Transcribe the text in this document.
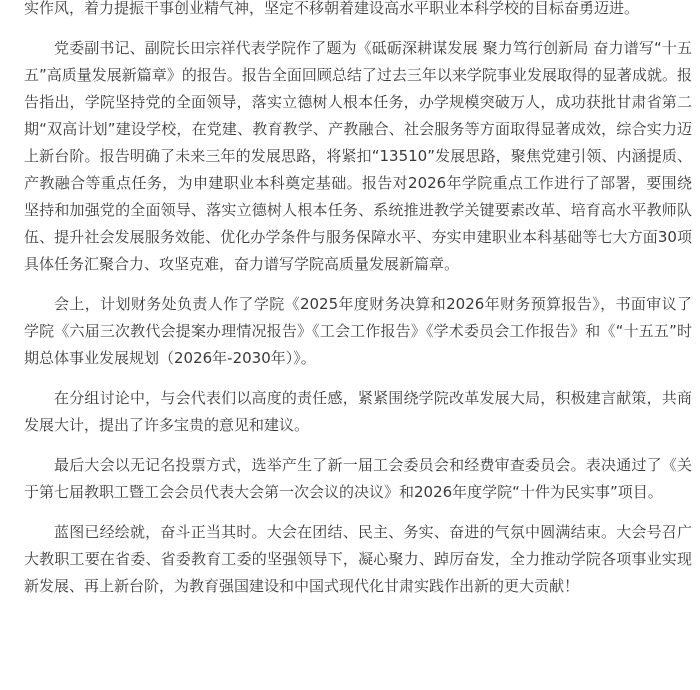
实作风，着力提振干事创业精气神，坚定不移朝着建设高水平职业本科学校的目标奋勇迈进。

党委副书记、副院长田宗祥代表学院作了题为《砥砺深耕谋发展 聚力笃行创新局 奋力谱写“十五五”高质量发展新篇章》的报告。报告全面回顾总结了过去三年以来学院事业发展取得的显著成就。报告指出，学院坚持党的全面领导，落实立德树人根本任务，办学规模突破万人，成功获批甘肃省第二期“双高计划”建设学校，在党建、教育教学、产教融合、社会服务等方面取得显著成效，综合实力迈上新台阶。报告明确了未来三年的发展思路，将紧扣“13510”发展思路，聚焦党建引领、内涵提质、产教融合等重点任务，为申建职业本科奠定基础。报告对2026年学院重点工作进行了部署，要围绕坚持和加强党的全面领导、落实立德树人根本任务、系统推进教学关键要素改革、培育高水平教师队伍、提升社会发展服务效能、优化办学条件与服务保障水平、夯实申建职业本科基础等七大方面30项具体任务汇聚合力、攻坚克难，奋力谱写学院高质量发展新篇章。

会上，计划财务处负责人作了学院《2025年度财务决算和2026年财务预算报告》，书面审议了学院《六届三次教代会提案办理情况报告》《工会工作报告》《学术委员会工作报告》和《“十五五”时期总体事业发展规划（2026年-2030年）》。

在分组讨论中，与会代表们以高度的责任感，紧紧围绕学院改革发展大局，积极建言献策，共商发展大计，提出了许多宝贵的意见和建议。

最后大会以无记名投票方式，选举产生了新一届工会委员会和经费审查委员会。表决通过了《关于第七届教职工暨工会会员代表大会第一次会议的决议》和2026年度学院“十件为民实事”项目。

蓝图已经绘就，奋斗正当其时。大会在团结、民主、务实、奋进的气氛中圆满结束。大会号召广大教职工要在省委、省委教育工委的坚强领导下，凝心聚力、踔厉奋发，全力推动学院各项事业实现新发展、再上新台阶，为教育强国建设和中国式现代化甘肃实践作出新的更大贡献！
